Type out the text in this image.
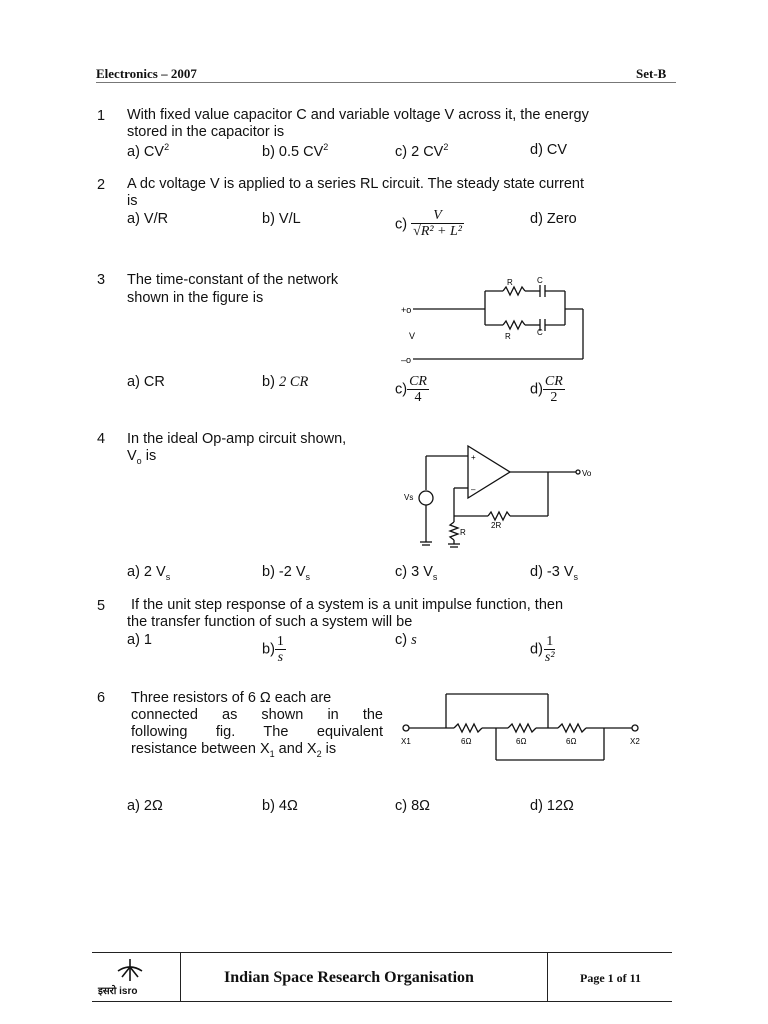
Electronics – 2007	Set-B
1 With fixed value capacitor C and variable voltage V across it, the energy
stored in the capacitor is
a) $CV^2$	b) 0.5 $CV^2$	c) 2 $CV^2$	d) CV
2 A dc voltage V is applied to a series RL circuit. The steady state current
is
a) V/R	b) V/L	$c) \frac{V}{\text{√R² + L²}}$	d) Zero
3 The time-constant of the network
shown in the figure is
+o
–o
V
R	C
R	C
a) CR	b) 2 CR	$c) \frac{CR}{4}$	$d) \frac{CR}{2}$
4 In the ideal Op-amp circuit shown,
$V_o$ is	+
–
Vs
Vo
R
2R
a) 2 $V_s$	b) -2 $V_s$	c) 3 $V_s$	d) -3 $V_s$
5 If the unit step response of a system is a unit impulse function, then
the transfer function of such a system will be
a) 1
$b) \frac{1}{s}$	c) s
$d) \frac{1}{\text{s²}}$
6 Three resistors of 6 Ω each are
connected as shown in the
following fig. The equivalent
resistance between $X_1$ and $X_2$ is	X1	X2
6Ω	6Ω	6Ω
a) 2Ω	b) 4Ω	c) 8Ω	d) 12Ω
इसरो isro
Indian Space Research Organisation	Page 1 of 11
